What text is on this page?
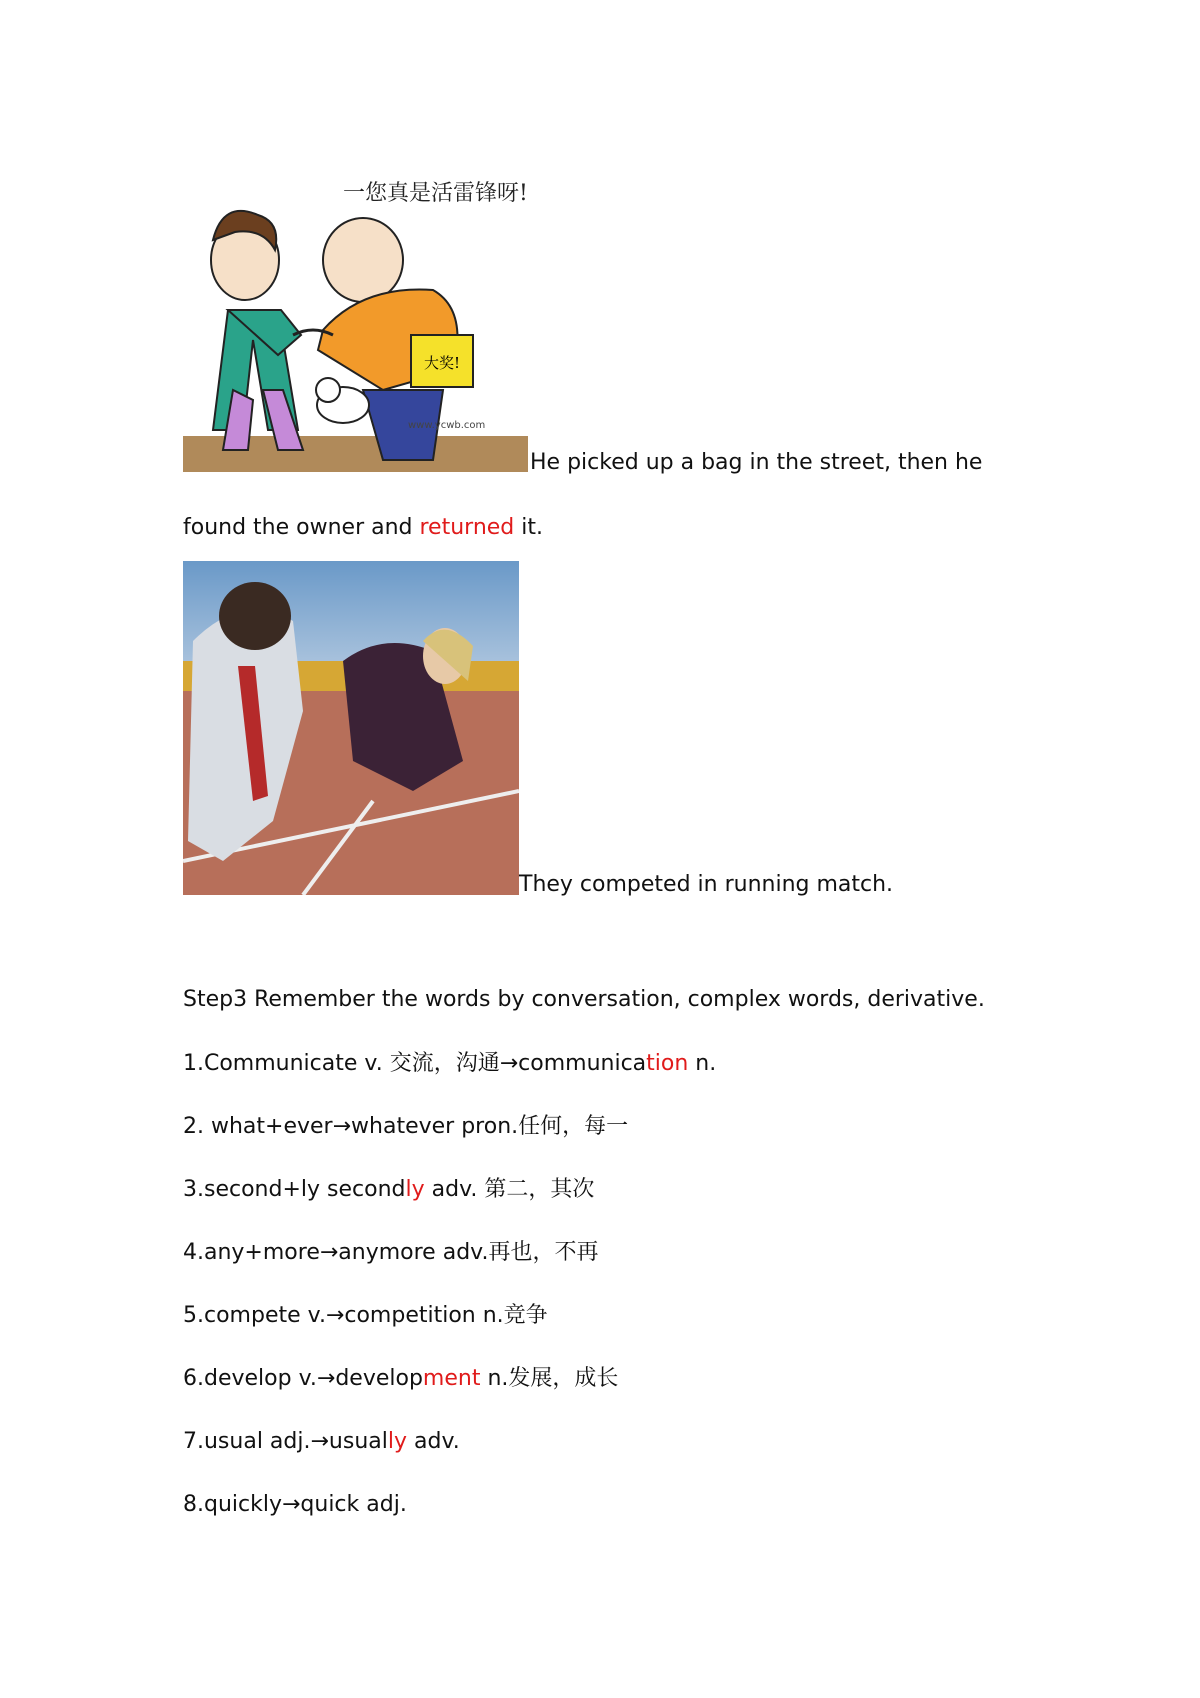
大奖!
一您真是活雷锋呀!
www.ycwb.com
He picked up a bag in the street, then he
found the owner and returned it.
They competed in running match.
Step3 Remember the words by conversation, complex words, derivative.
1.Communicate v. 交流，沟通→communication n.
2. what+ever→whatever pron.任何，每一
3.second+ly secondly adv. 第二，其次
4.any+more→anymore adv.再也，不再
5.compete v.→competition n.竞争
6.develop v.→development n.发展，成长
7.usual adj.→usually adv.
8.quickly→quick adj.
